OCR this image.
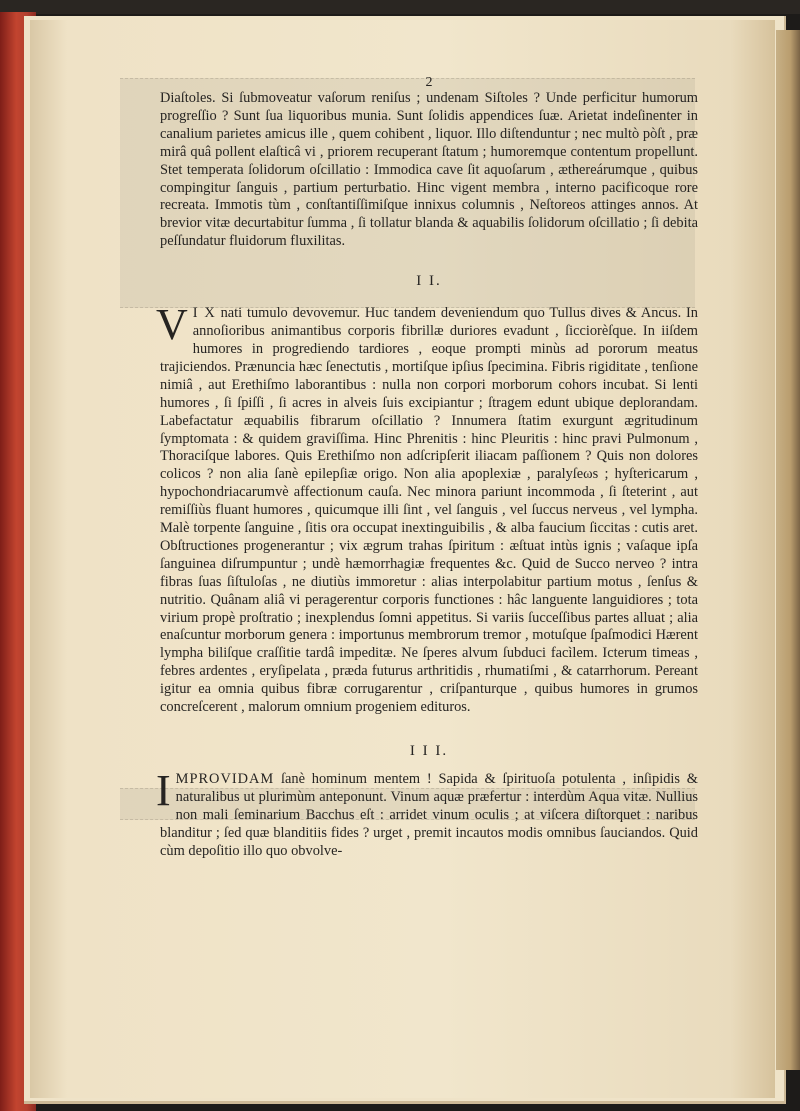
2

Diaſtoles. Si ſubmoveatur vaſorum reniſus ; undenam Siſtoles ? Unde perficitur humorum progreſſio ? Sunt ſua liquoribus munia. Sunt ſolidis appendices ſuæ. Arietat indeſinenter in canalium parietes amicus ille , quem cohibent , liquor. Illo diſtenduntur ; nec multò pòſt , præ mirâ quâ pollent elaſticâ vi , priorem recuperant ſtatum ; humoremque contentum propellunt. Stet temperata ſolidorum oſcillatio : Immodica cave ſit aquoſarum , æthereárumque , quibus compingitur ſanguis , partium perturbatio. Hinc vigent membra , interno pacificoque rore recreata. Immotis tùm , conſtantiſſimiſque innixus columnis , Neſtoreos attinges annos. At brevior vitæ decurtabitur ſumma , ſi tollatur blanda & aquabilis ſolidorum oſcillatio ; ſi debita peſſundatur fluidorum fluxilitas.

I I.

V I X nati tumulo devovemur. Huc tandem deveniendum quo Tullus dives & Ancus. In annoſioribus animantibus corporis fibrillæ duriores evadunt , ſicciorèſque. In iiſdem humores in progrediendo tardiores , eoque prompti minùs ad pororum meatus trajiciendos. Prænuncia hæc ſenectutis , mortiſque ipſius ſpecimina. Fibris rigiditate , tenſione nimiâ , aut Erethiſmo laborantibus : nulla non corpori morborum cohors incubat. Si lenti humores , ſi ſpiſſi , ſi acres in alveis ſuis excipiantur ; ſtragem edunt ubique deplorandam. Labefactatur æquabilis fibrarum oſcillatio ? Innumera ſtatim exurgunt ægritudinum ſymptomata : & quidem graviſſima. Hinc Phrenitis : hinc Pleuritis : hinc pravi Pulmonum , Thoraciſque labores. Quis Erethiſmo non adſcripſerit iliacam paſſionem ? Quis non dolores colicos ? non alia ſanè epilepſiæ origo. Non alia apoplexiæ , paralyſeωs ; hyſtericarum , hypochondriacarumvè affectionum cauſa. Nec minora pariunt incommoda , ſi ſteterint , aut remiſſiùs fluant humores , quicumque illi ſint , vel ſanguis , vel ſuccus nerveus , vel lympha. Malè torpente ſanguine , ſitis ora occupat inextinguibilis , & alba faucium ſiccitas : cutis aret. Obſtructiones progenerantur ; vix ægrum trahas ſpiritum : æſtuat intùs ignis ; vaſaque ipſa ſanguinea diſrumpuntur ; undè hæmorrhagiæ frequentes &c. Quid de Succo nerveo ? intra fibras ſuas ſiſtuloſas , ne diutiùs immoretur : alias interpolabitur partium motus , ſenſus & nutritio. Quânam aliâ vi peragerentur corporis functiones : hâc languente languidiores ; tota virium propè proſtratio ; inexplendus ſomni appetitus. Si variis ſucceſſibus partes alluat ; alia enaſcuntur morborum genera : importunus membrorum tremor , motuſque ſpaſmodici Hærent lympha biliſque craſſitie tardâ impeditæ. Ne ſperes alvum ſubduci facìlem. Icterum timeas , febres ardentes , eryſipelata , præda futurus arthritidis , rhumatiſmi , & catarrhorum. Pereant igitur ea omnia quibus fibræ corrugarentur , criſpanturque , quibus humores in grumos concreſcerent , malorum omnium progeniem edituros.

I I I.

IMPROVIDAM ſanè hominum mentem ! Sapida & ſpirituoſa potulenta , inſipidis & naturalibus ut plurimùm anteponunt. Vinum aquæ præfertur : interdùm Aqua vitæ. Nullius non mali ſeminarium Bacchus eſt : arridet vinum oculis ; at viſcera diſtorquet : naribus blanditur ; ſed quæ blanditiis fides ? urget , premit incautos modis omnibus ſauciandos. Quid cùm depoſitio illo quo obvolve-
